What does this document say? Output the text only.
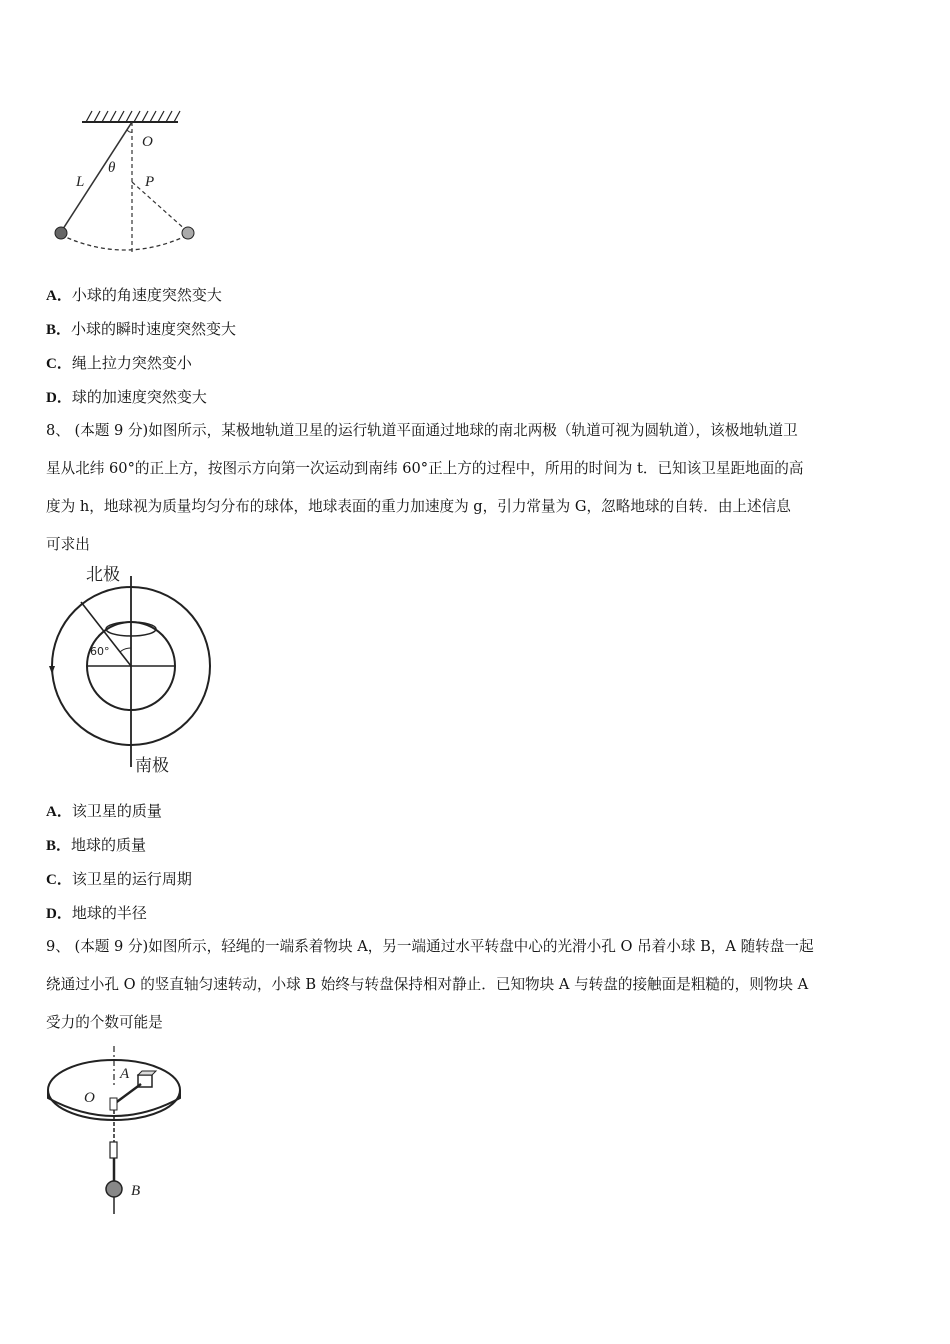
O
θ
L	P
A．小球的角速度突然变大
B．小球的瞬时速度突然变大
C．绳上拉力突然变小
D．球的加速度突然变大
8、 (本题 9 分)如图所示，某极地轨道卫星的运行轨道平面通过地球的南北两极（轨道可视为圆轨道），该极地轨道卫
星从北纬 60°的正上方，按图示方向第一次运动到南纬 60°正上方的过程中，所用的时间为 t．已知该卫星距地面的高
度为 h，地球视为质量均匀分布的球体，地球表面的重力加速度为 g，引力常量为 G，忽略地球的自转．由上述信息
可求出
北极
南极
60°
A．该卫星的质量
B．地球的质量
C．该卫星的运行周期
D．地球的半径
9、 (本题 9 分)如图所示，轻绳的一端系着物块 A，另一端通过水平转盘中心的光滑小孔 O 吊着小球 B，A 随转盘一起
绕通过小孔 O 的竖直轴匀速转动，小球 B 始终与转盘保持相对静止．已知物块 A 与转盘的接触面是粗糙的，则物块 A
受力的个数可能是
A
O
B
